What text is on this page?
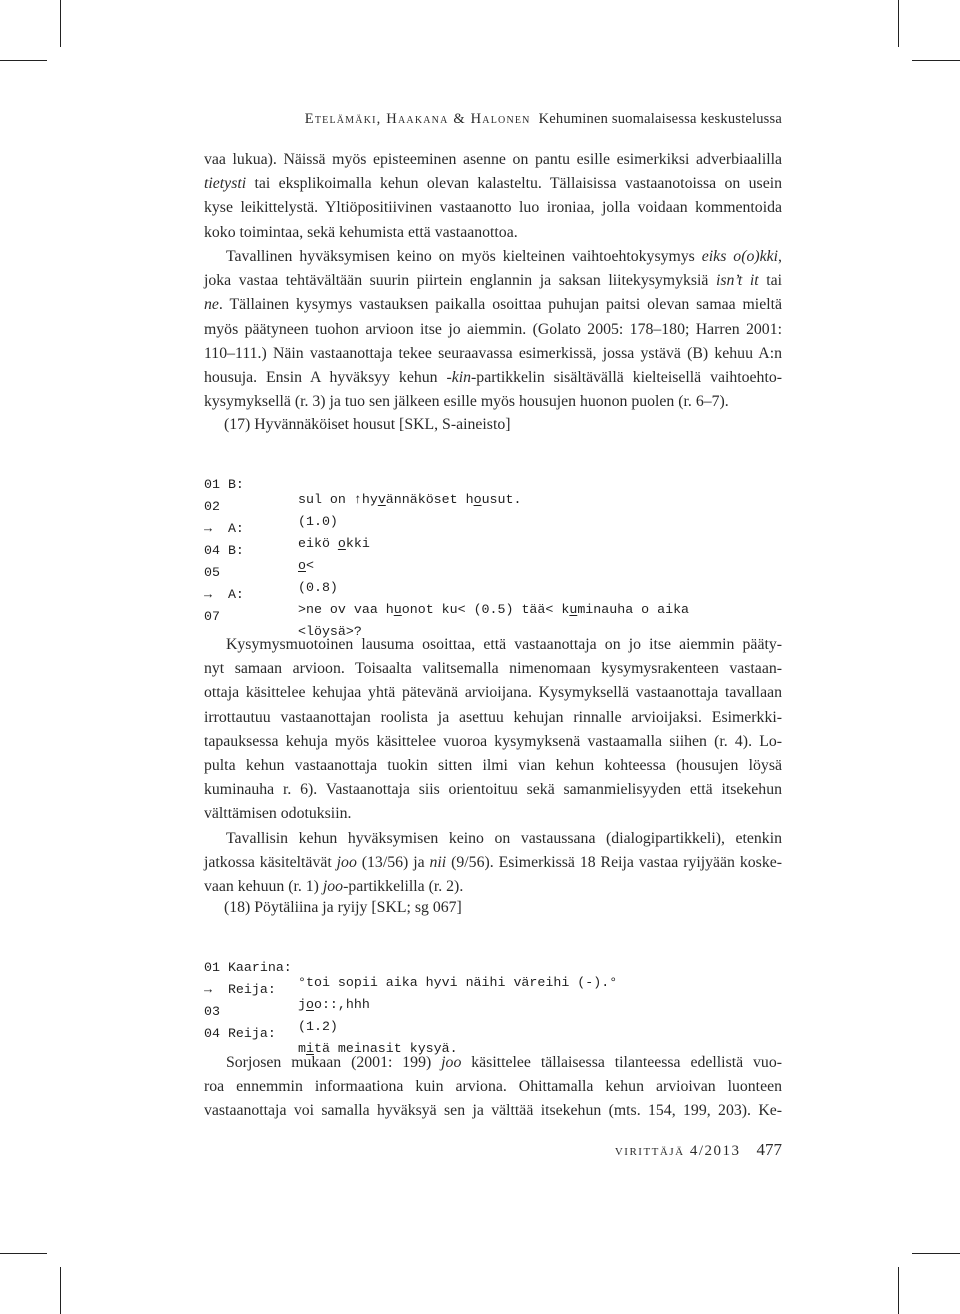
Etelämäki, Haakana & Halonen Kehuminen suomalaisessa keskustelussa
vaa lukua). Näissä myös episteeminen asenne on pantu esille esimerkiksi adverbiaalilla
tietysti tai eksplikoimalla kehun olevan kalasteltu. Tällaisissa vastaanotoissa on usein
kyse leikittelystä. Yltiöpositiivinen vastaanotto luo ironiaa, jolla voidaan kommentoida
koko toimintaa, sekä kehumista että vastaanottoa.
Tavallinen hyväksymisen keino on myös kielteinen vaihtoehtokysymys eiks o(o)kki,
joka vastaa tehtävältään suurin piirtein englannin ja saksan liitekysymyksiä isn’t it tai
ne. Tällainen kysymys vastauksen paikalla osoittaa puhujan paitsi olevan samaa mieltä
myös päätyneen tuohon arvioon itse jo aiemmin. (Golato 2005: 178–180; Harren 2001:
110–111.) Näin vastaanottaja tekee seuraavassa esimerkissä, jossa ystävä (B) kehuu A:n
housuja. Ensin A hyväksyy kehun -kin-partikkelin sisältävällä kielteisellä vaihtoehto-
kysymyksellä (r. 3) ja tuo sen jälkeen esille myös housujen huonon puolen (r. 6–7).
(17) Hyvännäköiset housut [SKL, S-aineisto]

01 B:

sul on ↑hyvännäköset housut.

02

(1.0)

→  A:

eikö okki

04 B:

o<

05

(0.8)

→  A:

>ne ov vaa huonot ku< (0.5) tää< kuminauha o aika

07

<löysä>?

Kysymysmuotoinen lausuma osoittaa, että vastaanottaja on jo itse aiemmin pääty-
nyt samaan arvioon. Toisaalta valitsemalla nimenomaan kysymysrakenteen vastaan-
ottaja käsittelee kehujaa yhtä pätevänä arvioijana. Kysymyksellä vastaanottaja tavallaan
irrottautuu vastaanottajan roolista ja asettuu kehujan rinnalle arvioijaksi. Esimerkki-
tapauksessa kehuja myös käsittelee vuoroa kysymyksenä vastaamalla siihen (r. 4). Lo-
pulta kehun vastaanottaja tuokin sitten ilmi vian kehun kohteessa (housujen löysä
kuminauha r. 6). Vastaanottaja siis orientoituu sekä samanmielisyyden että itsekehun
välttämisen odotuksiin.
Tavallisin kehun hyväksymisen keino on vastaussana (dialogipartikkeli), etenkin
jatkossa käsiteltävät joo (13/56) ja nii (9/56). Esimerkissä 18 Reija vastaa ryijyään koske-
vaan kehuun (r. 1) joo-partikkelilla (r. 2).
(18) Pöytäliina ja ryijy [SKL; sg 067]

01 Kaarina:

°toi sopii aika hyvi näihi väreihi (-).°

→  Reija:

joo::,hhh

03

(1.2)

04 Reija:

mitä meinasit kysyä.

Sorjosen mukaan (2001: 199) joo käsittelee tällaisessa tilanteessa edellistä vuo-
roa ennemmin informaationa kuin arviona. Ohittamalla kehun arvioivan luonteen
vastaanottaja voi samalla hyväksyä sen ja välttää itsekehun (mts. 154, 199, 203). Ke-
virittäjä 4/2013 477
